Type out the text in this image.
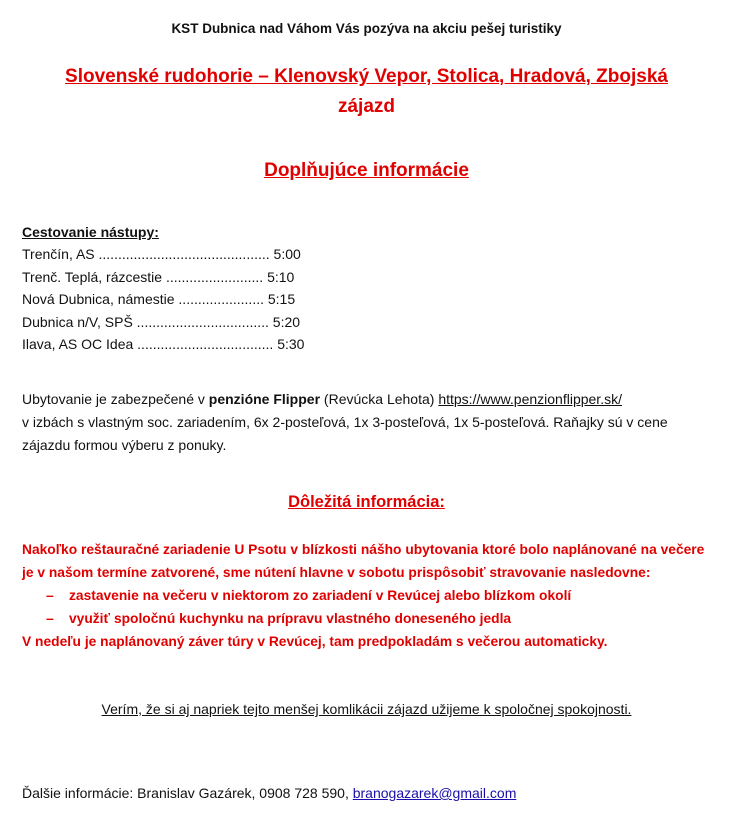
KST Dubnica nad Váhom Vás pozýva na akciu pešej turistiky
Slovenské rudohorie – Klenovský Vepor, Stolica, Hradová, Zbojská
zájazd
Doplňujúce informácie
Cestovanie nástupy:
Trenčín, AS ............................................ 5:00
Trenč. Teplá, rázcestie ......................... 5:10
Nová Dubnica, námestie ...................... 5:15
Dubnica n/V, SPŠ .................................. 5:20
Ilava, AS OC Idea ................................... 5:30
Ubytovanie je zabezpečené v penzióne Flipper (Revúcka Lehota) https://www.penzionflipper.sk/
v izbách s vlastným soc. zariadením, 6x 2-posteľová, 1x 3-posteľová, 1x 5-posteľová. Raňajky sú v cene
zájazdu formou výberu z ponuky.
Dôležitá informácia:
Nakoľko reštauračné zariadenie U Psotu v blízkosti nášho ubytovania ktoré bolo naplánované na večere
je v našom termíne zatvorené, sme nútení hlavne v sobotu prispôsobiť stravovanie nasledovne:
– zastavenie na večeru v niektorom zo zariadení v Revúcej alebo blízkom okolí
– využiť spoločnú kuchynku na prípravu vlastného doneseného jedla
V nedeľu je naplánovaný záver túry v Revúcej, tam predpokladám s večerou automaticky.
Verím, že si aj napriek tejto menšej komlikácii zájazd užijeme k spoločnej spokojnosti.
Ďalšie informácie: Branislav Gazárek, 0908 728 590, branogazarek@gmail.com
